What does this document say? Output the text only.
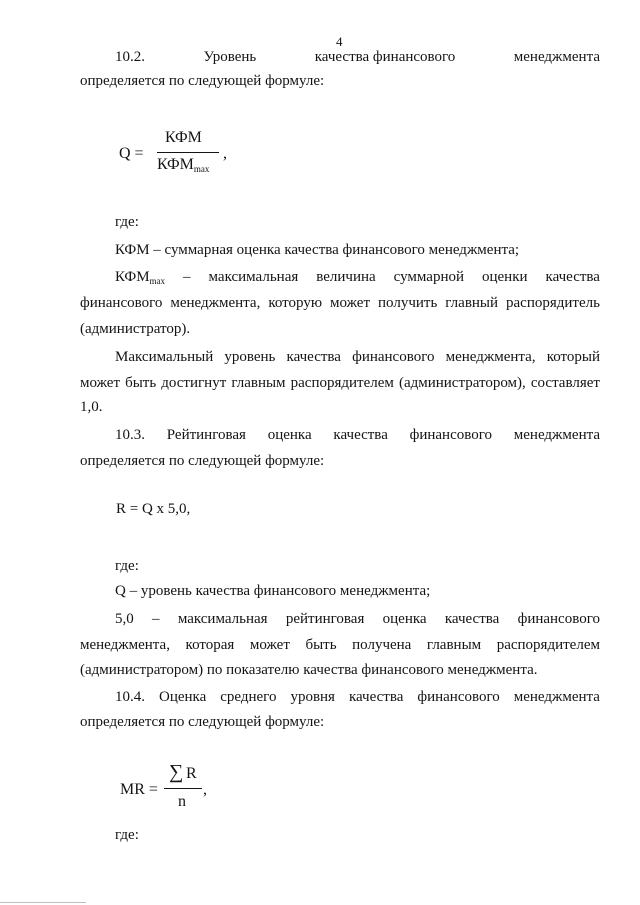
4
10.2.	Уровень	качества финансового	менеджмента
определяется по следующей формуле:
Q =
КФМ
$КФМ_{max}$
,
где:
КФМ – суммарная оценка качества финансового менеджмента;
$КФМ_{max}$ – максимальная величина суммарной оценки качества
финансового менеджмента, которую может получить главный распорядитель
(администратор).
Максимальный уровень качества финансового менеджмента, который
может быть достигнут главным распорядителем (администратором), составляет
1,0.
10.3. Рейтинговая оценка качества финансового менеджмента
определяется по следующей формуле:
R = Q x 5,0,
где:
Q – уровень качества финансового менеджмента;
5,0 – максимальная рейтинговая оценка качества финансового
менеджмента, которая может быть получена главным распорядителем
(администратором) по показателю качества финансового менеджмента.
10.4. Оценка среднего уровня качества финансового менеджмента
определяется по следующей формуле:
MR =
∑ R
n
,
где:
